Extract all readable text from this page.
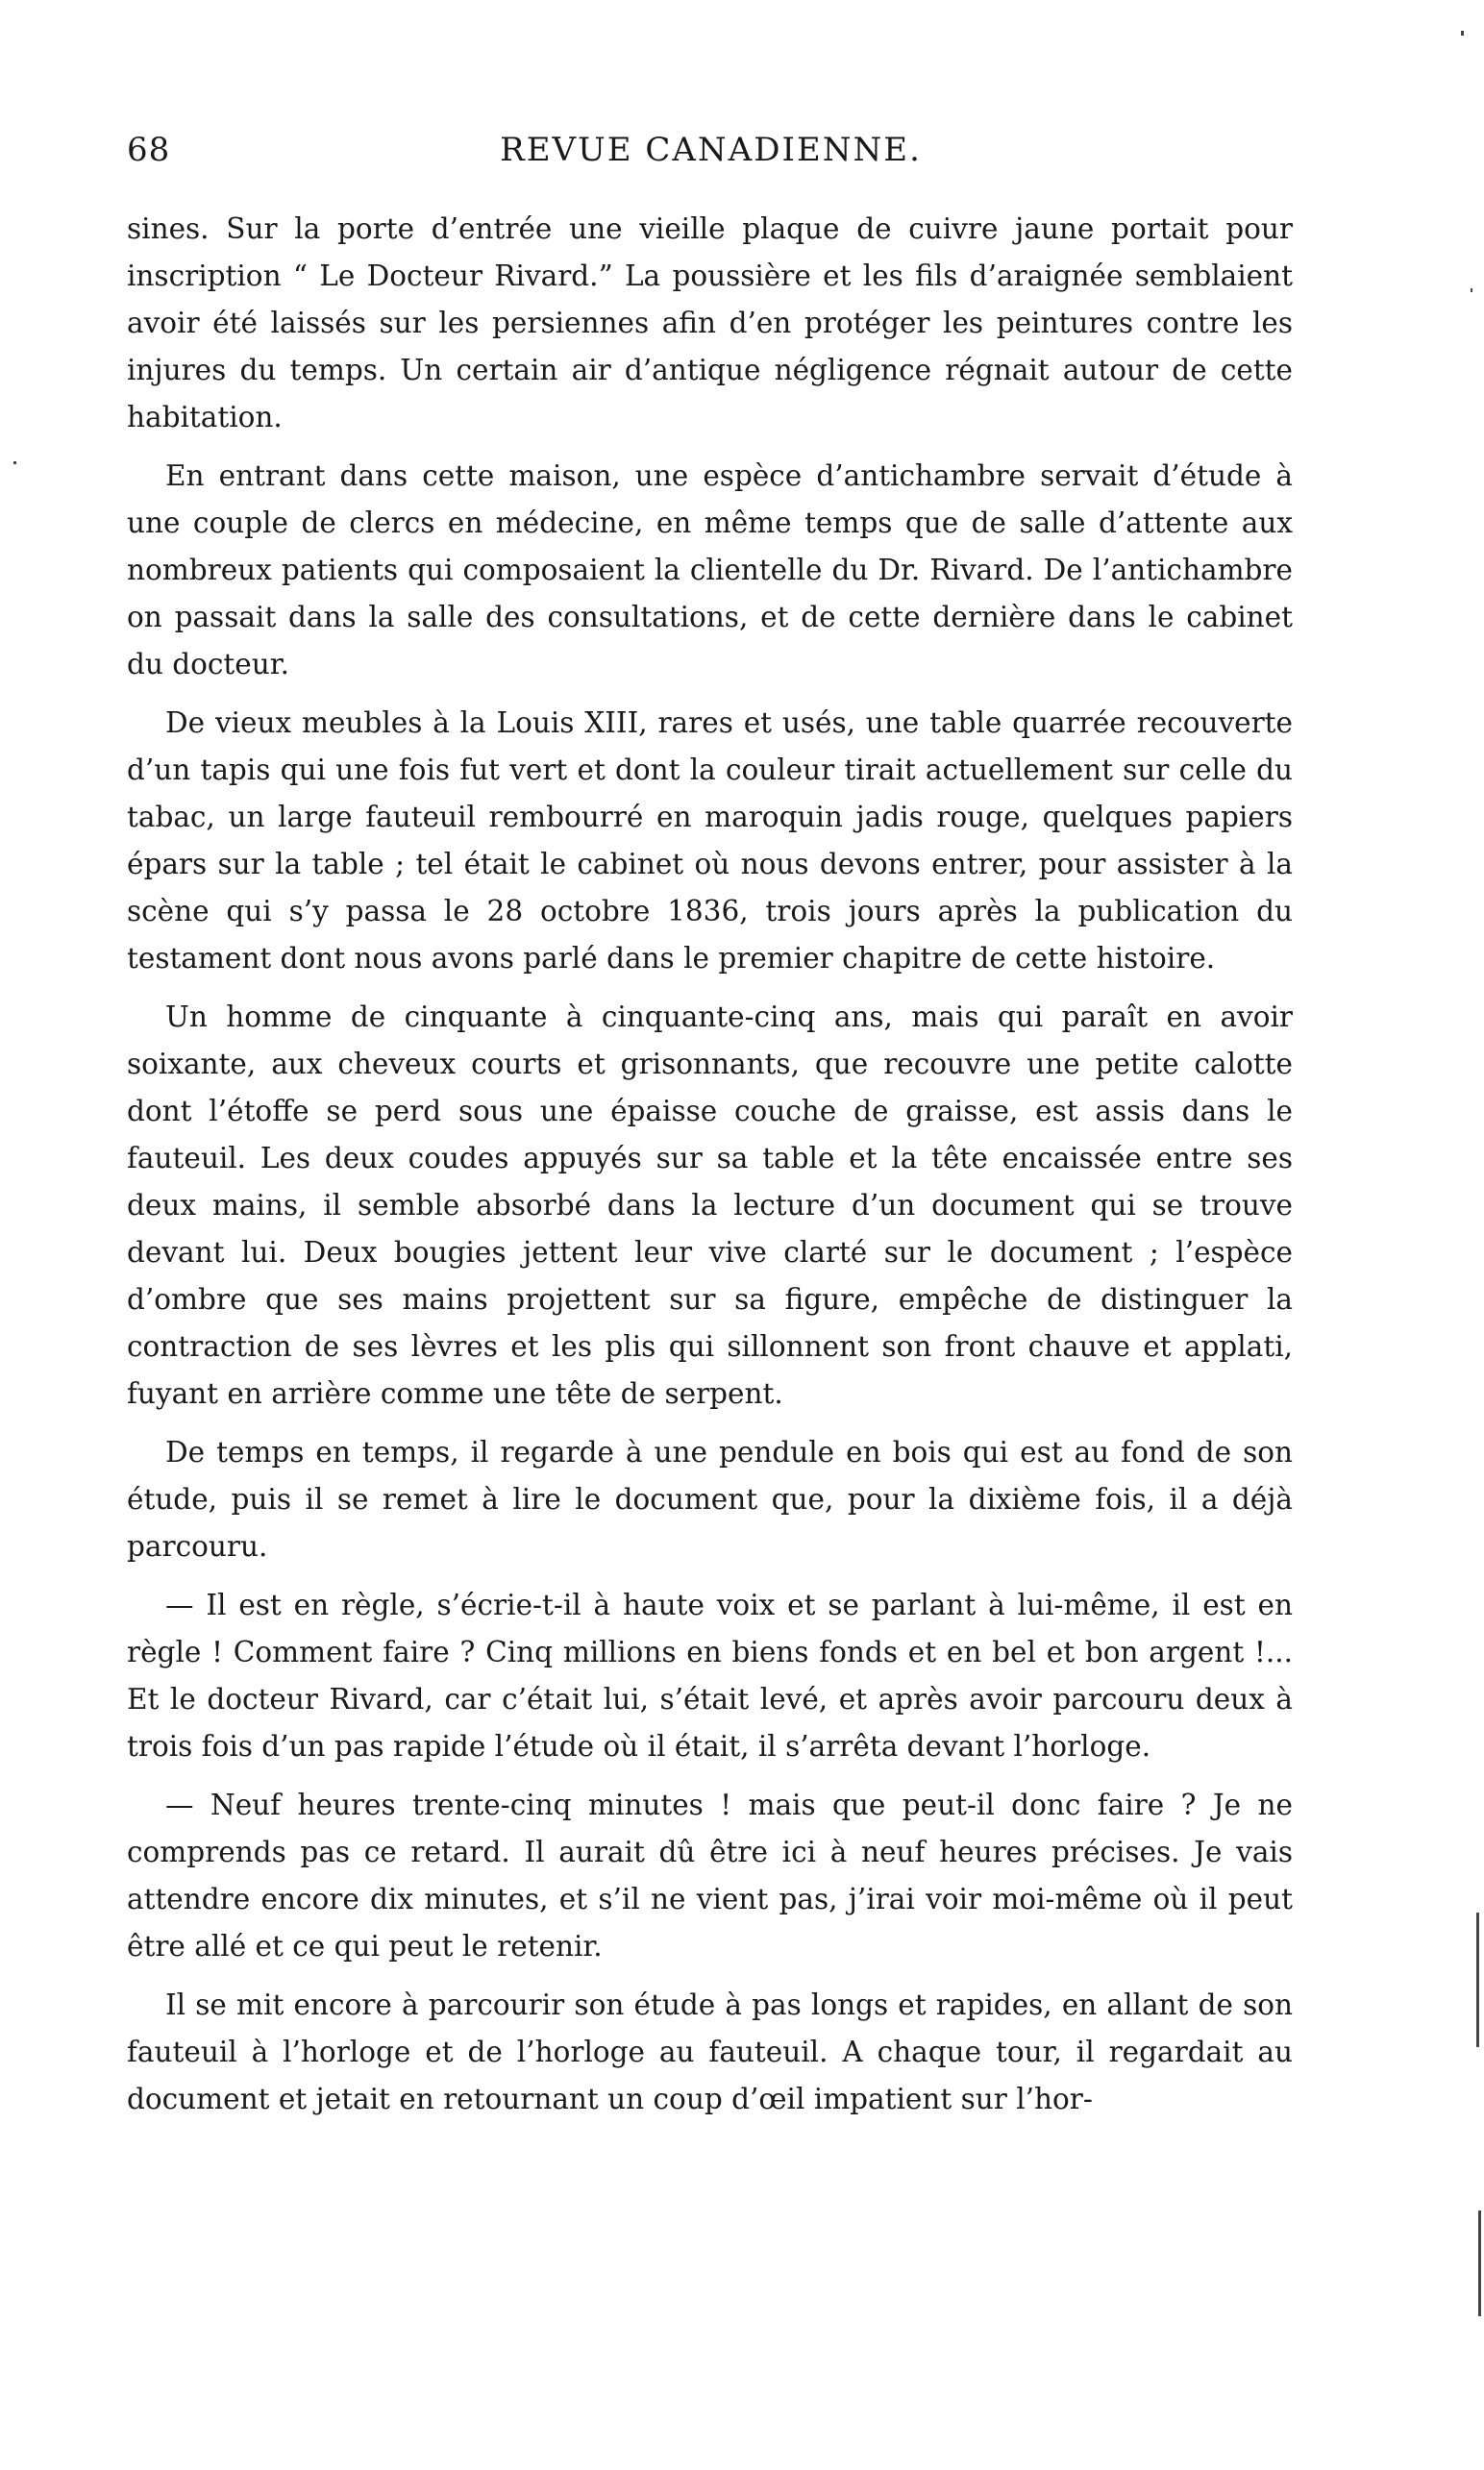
68	REVUE CANADIENNE.

sines. Sur la porte d’entrée une vieille plaque de cuivre jaune portait pour inscription “ Le Docteur Rivard.” La poussière et les fils d’araignée semblaient avoir été laissés sur les persiennes afin d’en protéger les peintures contre les injures du temps. Un certain air d’antique négligence régnait autour de cette habitation.

En entrant dans cette maison, une espèce d’antichambre servait d’étude à une couple de clercs en médecine, en même temps que de salle d’attente aux nombreux patients qui composaient la clientelle du Dr. Rivard. De l’antichambre on passait dans la salle des consultations, et de cette dernière dans le cabinet du docteur.

De vieux meubles à la Louis XIII, rares et usés, une table quarrée recouverte d’un tapis qui une fois fut vert et dont la couleur tirait actuellement sur celle du tabac, un large fauteuil rembourré en maroquin jadis rouge, quelques papiers épars sur la table ; tel était le cabinet où nous devons entrer, pour assister à la scène qui s’y passa le 28 octobre 1836, trois jours après la publication du testament dont nous avons parlé dans le premier chapitre de cette histoire.

Un homme de cinquante à cinquante-cinq ans, mais qui paraît en avoir soixante, aux cheveux courts et grisonnants, que recouvre une petite calotte dont l’étoffe se perd sous une épaisse couche de graisse, est assis dans le fauteuil. Les deux coudes appuyés sur sa table et la tête encaissée entre ses deux mains, il semble absorbé dans la lecture d’un document qui se trouve devant lui. Deux bougies jettent leur vive clarté sur le document ; l’espèce d’ombre que ses mains projettent sur sa figure, empêche de distinguer la contraction de ses lèvres et les plis qui sillonnent son front chauve et applati, fuyant en arrière comme une tête de serpent.

De temps en temps, il regarde à une pendule en bois qui est au fond de son étude, puis il se remet à lire le document que, pour la dixième fois, il a déjà parcouru.

— Il est en règle, s’écrie-t-il à haute voix et se parlant à lui-même, il est en règle ! Comment faire ? Cinq millions en biens fonds et en bel et bon argent !... Et le docteur Rivard, car c’était lui, s’était levé, et après avoir parcouru deux à trois fois d’un pas rapide l’étude où il était, il s’arrêta devant l’horloge.

— Neuf heures trente-cinq minutes ! mais que peut-il donc faire ? Je ne comprends pas ce retard. Il aurait dû être ici à neuf heures précises. Je vais attendre encore dix minutes, et s’il ne vient pas, j’irai voir moi-même où il peut être allé et ce qui peut le retenir.

Il se mit encore à parcourir son étude à pas longs et rapides, en allant de son fauteuil à l’horloge et de l’horloge au fauteuil. A chaque tour, il regardait au document et jetait en retournant un coup d’œil impatient sur l’hor-
